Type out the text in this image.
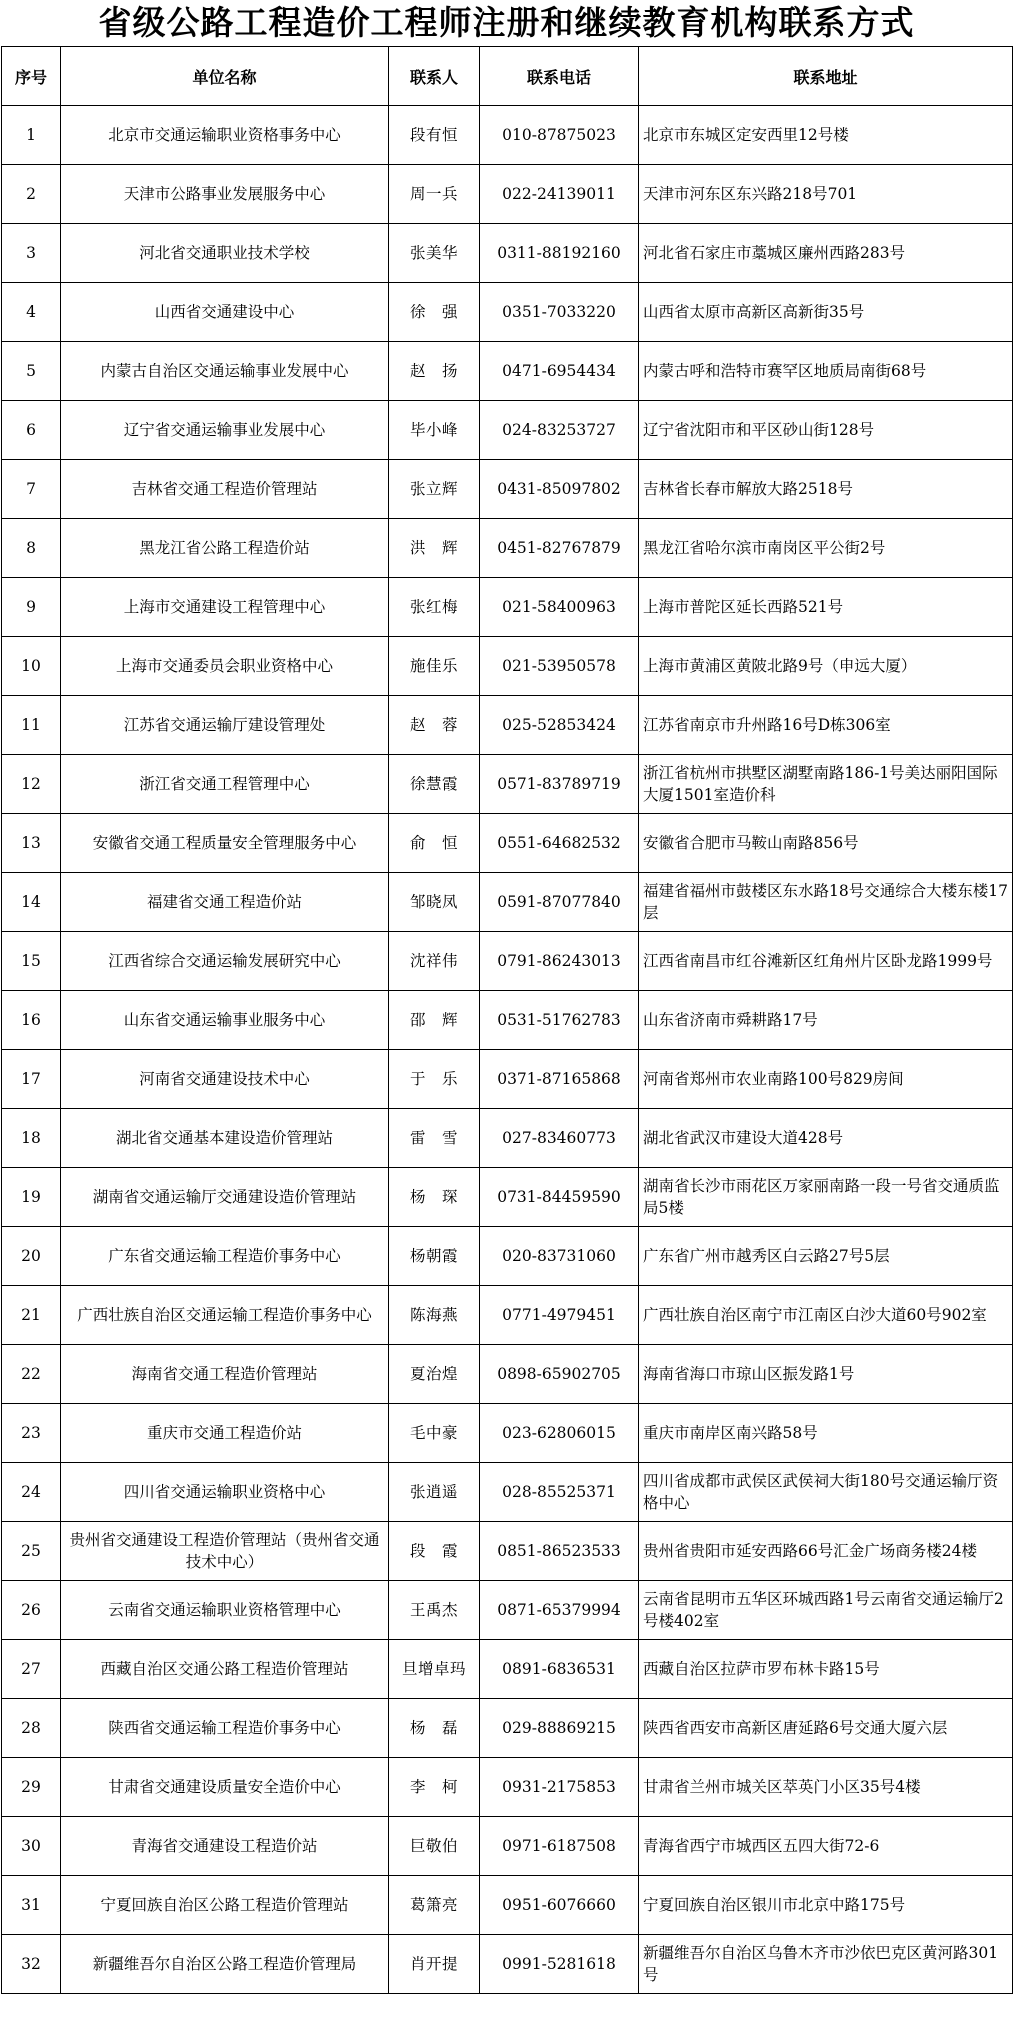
省级公路工程造价工程师注册和继续教育机构联系方式
序号	单位名称	联系人	联系电话	联系地址
1	北京市交通运输职业资格事务中心	段有恒	010-87875023	北京市东城区定安西里12号楼
2	天津市公路事业发展服务中心	周一兵	022-24139011	天津市河东区东兴路218号701
3	河北省交通职业技术学校	张美华	0311-88192160	河北省石家庄市藁城区廉州西路283号
4	山西省交通建设中心	徐　强	0351-7033220	山西省太原市高新区高新街35号
5	内蒙古自治区交通运输事业发展中心	赵　扬	0471-6954434	内蒙古呼和浩特市赛罕区地质局南街68号
6	辽宁省交通运输事业发展中心	毕小峰	024-83253727	辽宁省沈阳市和平区砂山街128号
7	吉林省交通工程造价管理站	张立辉	0431-85097802	吉林省长春市解放大路2518号
8	黑龙江省公路工程造价站	洪　辉	0451-82767879	黑龙江省哈尔滨市南岗区平公街2号
9	上海市交通建设工程管理中心	张红梅	021-58400963	上海市普陀区延长西路521号
10	上海市交通委员会职业资格中心	施佳乐	021-53950578	上海市黄浦区黄陂北路9号（申远大厦）
11	江苏省交通运输厅建设管理处	赵　蓉	025-52853424	江苏省南京市升州路16号D栋306室
12	浙江省交通工程管理中心	徐慧霞	0571-83789719	浙江省杭州市拱墅区湖墅南路186-1号美达丽阳国际大厦1501室造价科
13	安徽省交通工程质量安全管理服务中心	俞　恒	0551-64682532	安徽省合肥市马鞍山南路856号
14	福建省交通工程造价站	邹晓凤	0591-87077840	福建省福州市鼓楼区东水路18号交通综合大楼东楼17层
15	江西省综合交通运输发展研究中心	沈祥伟	0791-86243013	江西省南昌市红谷滩新区红角州片区卧龙路1999号
16	山东省交通运输事业服务中心	邵　辉	0531-51762783	山东省济南市舜耕路17号
17	河南省交通建设技术中心	于　乐	0371-87165868	河南省郑州市农业南路100号829房间
18	湖北省交通基本建设造价管理站	雷　雪	027-83460773	湖北省武汉市建设大道428号
19	湖南省交通运输厅交通建设造价管理站	杨　琛	0731-84459590	湖南省长沙市雨花区万家丽南路一段一号省交通质监局5楼
20	广东省交通运输工程造价事务中心	杨朝霞	020-83731060	广东省广州市越秀区白云路27号5层
21	广西壮族自治区交通运输工程造价事务中心	陈海燕	0771-4979451	广西壮族自治区南宁市江南区白沙大道60号902室
22	海南省交通工程造价管理站	夏治煌	0898-65902705	海南省海口市琼山区振发路1号
23	重庆市交通工程造价站	毛中豪	023-62806015	重庆市南岸区南兴路58号
24	四川省交通运输职业资格中心	张逍遥	028-85525371	四川省成都市武侯区武侯祠大街180号交通运输厅资格中心
25	贵州省交通建设工程造价管理站（贵州省交通技术中心）	段　霞	0851-86523533	贵州省贵阳市延安西路66号汇金广场商务楼24楼
26	云南省交通运输职业资格管理中心	王禹杰	0871-65379994	云南省昆明市五华区环城西路1号云南省交通运输厅2号楼402室
27	西藏自治区交通公路工程造价管理站	旦增卓玛	0891-6836531	西藏自治区拉萨市罗布林卡路15号
28	陕西省交通运输工程造价事务中心	杨　磊	029-88869215	陕西省西安市高新区唐延路6号交通大厦六层
29	甘肃省交通建设质量安全造价中心	李　柯	0931-2175853	甘肃省兰州市城关区萃英门小区35号4楼
30	青海省交通建设工程造价站	巨敬伯	0971-6187508	青海省西宁市城西区五四大街72-6
31	宁夏回族自治区公路工程造价管理站	葛箫亮	0951-6076660	宁夏回族自治区银川市北京中路175号
32	新疆维吾尔自治区公路工程造价管理局	肖开提	0991-5281618	新疆维吾尔自治区乌鲁木齐市沙依巴克区黄河路301号
